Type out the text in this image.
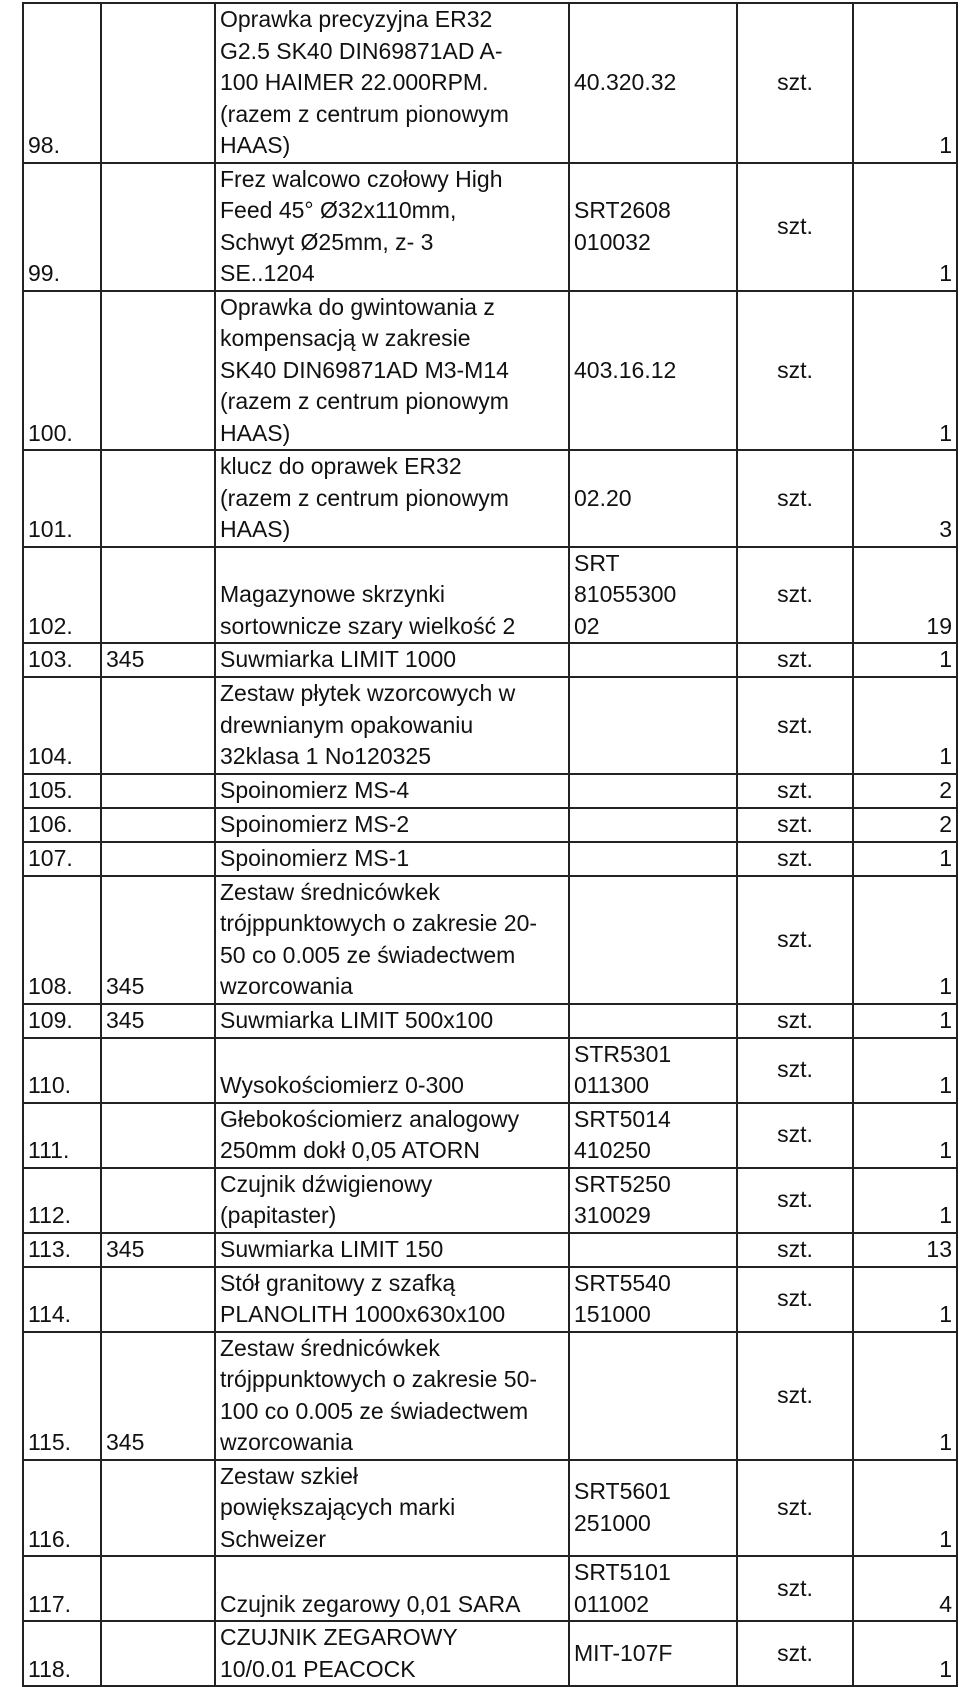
98.		Oprawka precyzyjna ER32
G2.5 SK40 DIN69871AD A-
100 HAIMER 22.000RPM.
(razem z centrum pionowym
HAAS)	40.320.32	szt.	1
99.		Frez walcowo czołowy High
Feed 45° Ø32x110mm,
Schwyt Ø25mm, z- 3
SE..1204	SRT2608
010032	szt.	1
100.		Oprawka do gwintowania z
kompensacją w zakresie
SK40 DIN69871AD M3-M14
(razem z centrum pionowym
HAAS)	403.16.12	szt.	1
101.		klucz do oprawek ER32
(razem z centrum pionowym
HAAS)	02.20	szt.	3
102.		Magazynowe skrzynki
sortownicze szary wielkość 2	SRT
81055300
02	szt.	19
103.	345	Suwmiarka LIMIT 1000		szt.	1
104.		Zestaw płytek wzorcowych w
drewnianym opakowaniu
32klasa 1 No120325		szt.	1
105.		Spoinomierz MS-4		szt.	2
106.		Spoinomierz MS-2		szt.	2
107.		Spoinomierz MS-1		szt.	1
108.	345	Zestaw średnicówkek
trójppunktowych o zakresie 20-
50 co 0.005 ze świadectwem
wzorcowania		szt.	1
109.	345	Suwmiarka LIMIT 500x100		szt.	1
110.		Wysokościomierz 0-300	STR5301
011300	szt.	1
111.		Głebokościomierz analogowy
250mm dokł 0,05 ATORN	SRT5014
410250	szt.	1
112.		Czujnik dźwigienowy
(papitaster)	SRT5250
310029	szt.	1
113.	345	Suwmiarka LIMIT 150		szt.	13
114.		Stół granitowy z szafką
PLANOLITH 1000x630x100	SRT5540
151000	szt.	1
115.	345	Zestaw średnicówkek
trójppunktowych o zakresie 50-
100 co 0.005 ze świadectwem
wzorcowania		szt.	1
116.		Zestaw szkieł
powiększających marki
Schweizer	SRT5601
251000	szt.	1
117.		Czujnik zegarowy 0,01 SARA	SRT5101
011002	szt.	4
118.		CZUJNIK ZEGAROWY
10/0.01 PEACOCK	MIT-107F	szt.	1
